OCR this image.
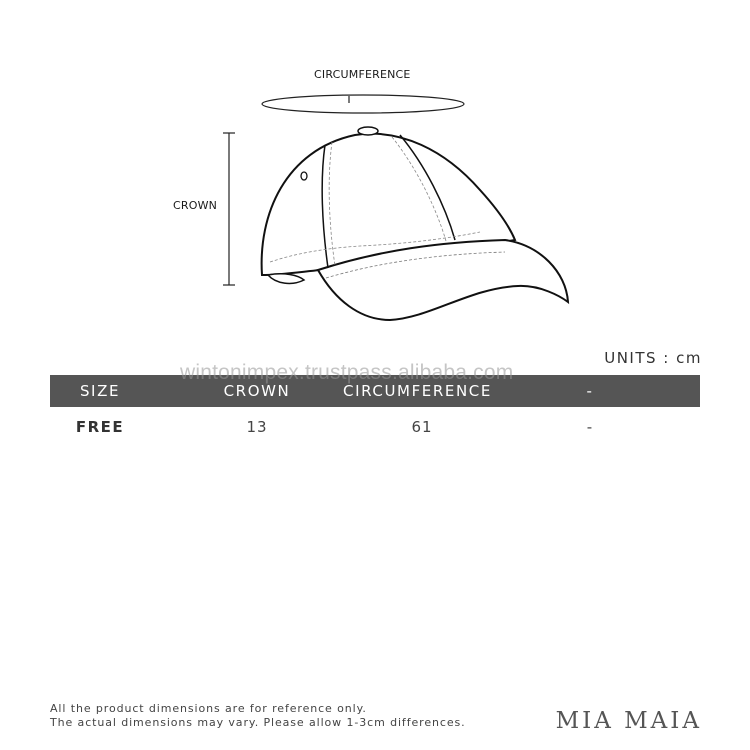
CIRCUMFERENCE
CROWN
UNITS : cm
SIZE	CROWN	CIRCUMFERENCE	-
FREE	13	61	-
wintonimpex.trustpass.alibaba.com
All the product dimensions are for reference only.
The actual dimensions may vary. Please allow 1-3cm differences.	MIA MAIA
